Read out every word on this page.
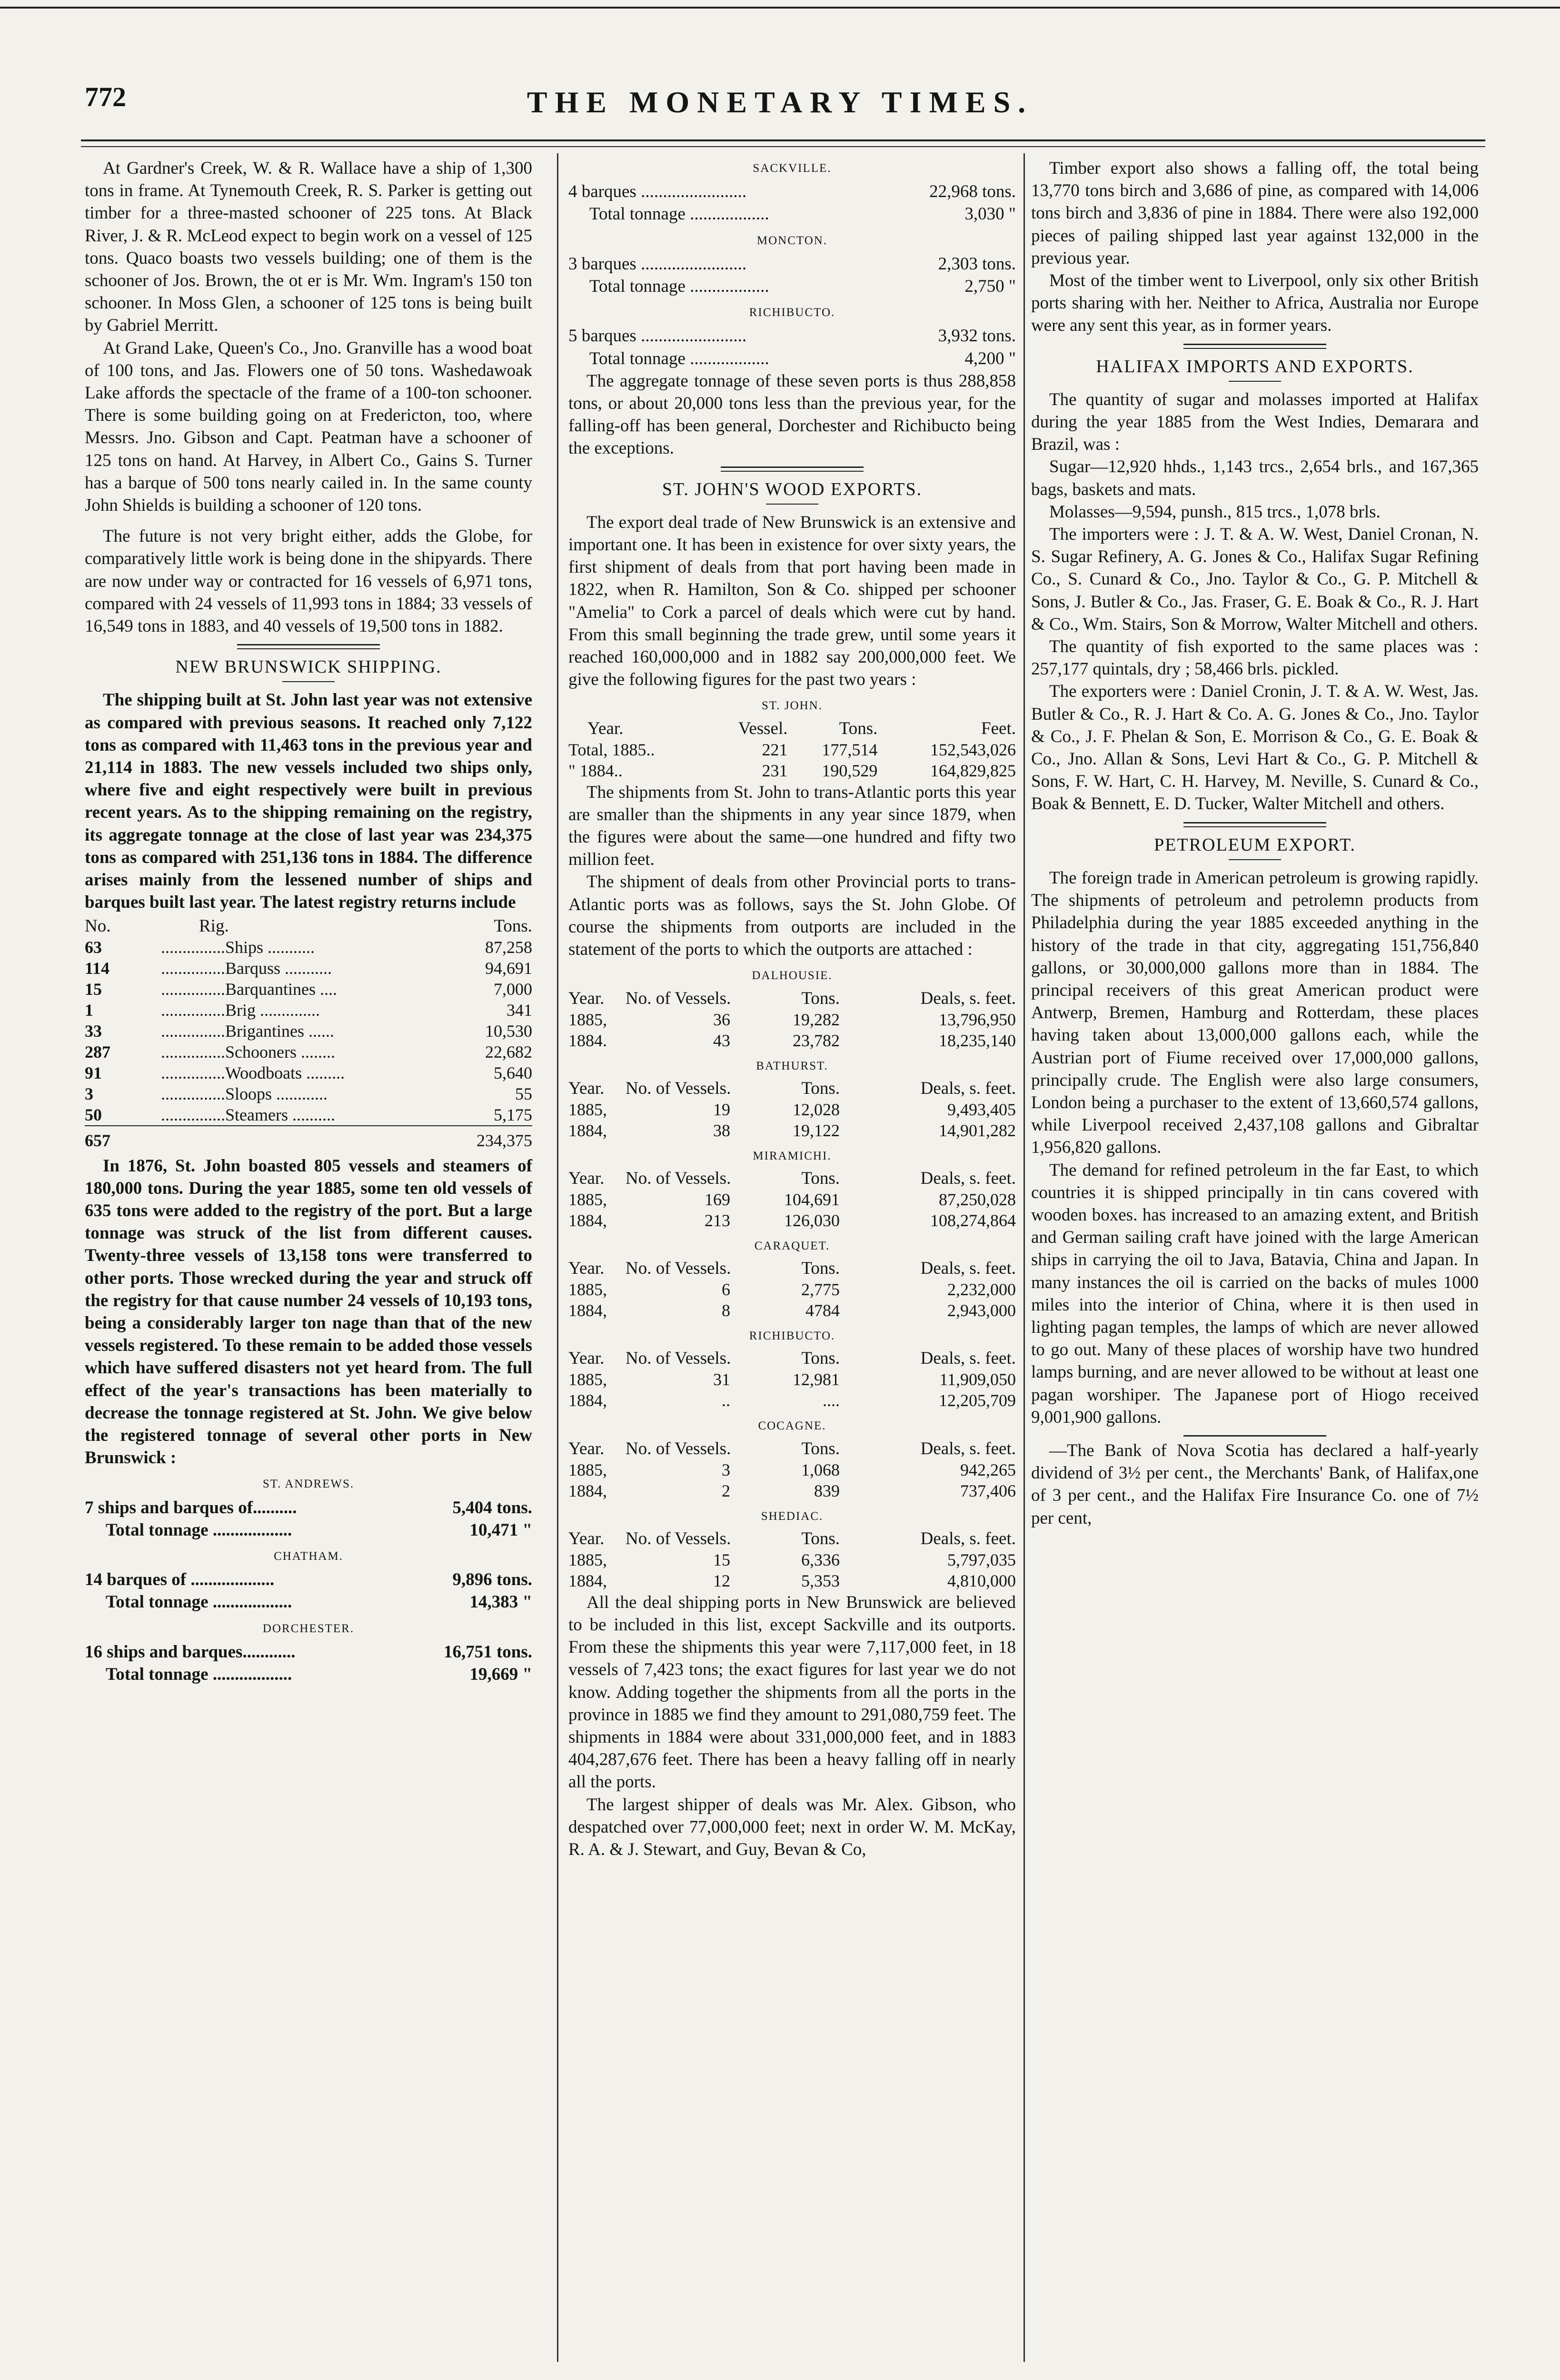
772	THE MONETARY TIMES.

At Gardner's Creek, W. & R. Wallace have a ship of 1,300 tons in frame. At Tynemouth Creek, R. S. Parker is getting out timber for a three-masted schooner of 225 tons. At Black River, J. & R. McLeod expect to begin work on a vessel of 125 tons. Quaco boasts two vessels building; one of them is the schooner of Jos. Brown, the ot er is Mr. Wm. Ingram's 150 ton schooner. In Moss Glen, a schooner of 125 tons is being built by Gabriel Merritt.

At Grand Lake, Queen's Co., Jno. Granville has a wood boat of 100 tons, and Jas. Flowers one of 50 tons. Washedawoak Lake affords the spectacle of the frame of a 100-ton schooner. There is some building going on at Fredericton, too, where Messrs. Jno. Gibson and Capt. Peatman have a schooner of 125 tons on hand. At Harvey, in Albert Co., Gains S. Turner has a barque of 500 tons nearly cailed in. In the same county John Shields is building a schooner of 120 tons.

The future is not very bright either, adds the Globe, for comparatively little work is being done in the shipyards. There are now under way or contracted for 16 vessels of 6,971 tons, compared with 24 vessels of 11,993 tons in 1884; 33 vessels of 16,549 tons in 1883, and 40 vessels of 19,500 tons in 1882.

NEW BRUNSWICK SHIPPING.

The shipping built at St. John last year was not extensive as compared with previous seasons. It reached only 7,122 tons as compared with 11,463 tons in the previous year and 21,114 in 1883. The new vessels included two ships only, where five and eight respectively were built in previous recent years. As to the shipping remaining on the registry, its aggregate tonnage at the close of last year was 234,375 tons as compared with 251,136 tons in 1884. The difference arises mainly from the lessened number of ships and barques built last year. The latest registry returns include

No.	Rig.	Tons.
63	...............Ships ...........	87,258
114	...............Barquss ...........	94,691
15	...............Barquantines ....	7,000
1	...............Brig ..............	341
33	...............Brigantines ......	10,530
287	...............Schooners ........	22,682
91	...............Woodboats .........	5,640
3	...............Sloops ............	55
50	...............Steamers ..........	5,175
657		234,375

In 1876, St. John boasted 805 vessels and steamers of 180,000 tons. During the year 1885, some ten old vessels of 635 tons were added to the registry of the port. But a large tonnage was struck of the list from different causes. Twenty-three vessels of 13,158 tons were transferred to other ports. Those wrecked during the year and struck off the registry for that cause number 24 vessels of 10,193 tons, being a considerably larger ton nage than that of the new vessels registered. To these remain to be added those vessels which have suffered disasters not yet heard from. The full effect of the year's transactions has been materially to decrease the tonnage registered at St. John. We give below the registered tonnage of several other ports in New Brunswick :

ST. ANDREWS.
7 ships and barques of..........	5,404 tons.
Total tonnage ..................	10,471 "
CHATHAM.
14 barques of ...................	9,896 tons.
Total tonnage ..................	14,383 "
DORCHESTER.
16 ships and barques............	16,751 tons.
Total tonnage ..................	19,669 "
SACKVILLE.
4 barques ........................	22,968 tons.
Total tonnage ..................	3,030 "
MONCTON.
3 barques ........................	2,303 tons.
Total tonnage ..................	2,750 "
RICHIBUCTO.
5 barques ........................	3,932 tons.
Total tonnage ..................	4,200 "

The aggregate tonnage of these seven ports is thus 288,858 tons, or about 20,000 tons less than the previous year, for the falling-off has been general, Dorchester and Richibucto being the exceptions.

ST. JOHN'S WOOD EXPORTS.

The export deal trade of New Brunswick is an extensive and important one. It has been in existence for over sixty years, the first shipment of deals from that port having been made in 1822, when R. Hamilton, Son & Co. shipped per schooner "Amelia" to Cork a parcel of deals which were cut by hand. From this small beginning the trade grew, until some years it reached 160,000,000 and in 1882 say 200,000,000 feet. We give the following figures for the past two years :

ST. JOHN.
Year.	Vessel.	Tons.	Feet.
Total, 1885..	221	177,514	152,543,026
" 1884..	231	190,529	164,829,825

The shipments from St. John to trans-Atlantic ports this year are smaller than the shipments in any year since 1879, when the figures were about the same—one hundred and fifty two million feet.

The shipment of deals from other Provincial ports to trans-Atlantic ports was as follows, says the St. John Globe. Of course the shipments from outports are included in the statement of the ports to which the outports are attached :

DALHOUSIE.
Year.	No. of Vessels.	Tons.	Deals, s. feet.
1885,	36	19,282	13,796,950
1884.	43	23,782	18,235,140
BATHURST.
Year.	No. of Vessels.	Tons.	Deals, s. feet.
1885,	19	12,028	9,493,405
1884,	38	19,122	14,901,282
MIRAMICHI.
Year.	No. of Vessels.	Tons.	Deals, s. feet.
1885,	169	104,691	87,250,028
1884,	213	126,030	108,274,864
CARAQUET.
Year.	No. of Vessels.	Tons.	Deals, s. feet.
1885,	6	2,775	2,232,000
1884,	8	4784	2,943,000
RICHIBUCTO.
Year.	No. of Vessels.	Tons.	Deals, s. feet.
1885,	31	12,981	11,909,050
1884,	..	....	12,205,709
COCAGNE.
Year.	No. of Vessels.	Tons.	Deals, s. feet.
1885,	3	1,068	942,265
1884,	2	839	737,406
SHEDIAC.
Year.	No. of Vessels.	Tons.	Deals, s. feet.
1885,	15	6,336	5,797,035
1884,	12	5,353	4,810,000

All the deal shipping ports in New Brunswick are believed to be included in this list, except Sackville and its outports. From these the shipments this year were 7,117,000 feet, in 18 vessels of 7,423 tons; the exact figures for last year we do not know. Adding together the shipments from all the ports in the province in 1885 we find they amount to 291,080,759 feet. The shipments in 1884 were about 331,000,000 feet, and in 1883 404,287,676 feet. There has been a heavy falling off in nearly all the ports.

The largest shipper of deals was Mr. Alex. Gibson, who despatched over 77,000,000 feet; next in order W. M. McKay, R. A. & J. Stewart, and Guy, Bevan & Co,

Timber export also shows a falling off, the total being 13,770 tons birch and 3,686 of pine, as compared with 14,006 tons birch and 3,836 of pine in 1884. There were also 192,000 pieces of pailing shipped last year against 132,000 in the previous year.

Most of the timber went to Liverpool, only six other British ports sharing with her. Neither to Africa, Australia nor Europe were any sent this year, as in former years.

HALIFAX IMPORTS AND EXPORTS.

The quantity of sugar and molasses imported at Halifax during the year 1885 from the West Indies, Demarara and Brazil, was :

Sugar—12,920 hhds., 1,143 trcs., 2,654 brls., and 167,365 bags, baskets and mats.

Molasses—9,594, punsh., 815 trcs., 1,078 brls.

The importers were : J. T. & A. W. West, Daniel Cronan, N. S. Sugar Refinery, A. G. Jones & Co., Halifax Sugar Refining Co., S. Cunard & Co., Jno. Taylor & Co., G. P. Mitchell & Sons, J. Butler & Co., Jas. Fraser, G. E. Boak & Co., R. J. Hart & Co., Wm. Stairs, Son & Morrow, Walter Mitchell and others.

The quantity of fish exported to the same places was : 257,177 quintals, dry ; 58,466 brls. pickled.

The exporters were : Daniel Cronin, J. T. & A. W. West, Jas. Butler & Co., R. J. Hart & Co. A. G. Jones & Co., Jno. Taylor & Co., J. F. Phelan & Son, E. Morrison & Co., G. E. Boak & Co., Jno. Allan & Sons, Levi Hart & Co., G. P. Mitchell & Sons, F. W. Hart, C. H. Harvey, M. Neville, S. Cunard & Co., Boak & Bennett, E. D. Tucker, Walter Mitchell and others.

PETROLEUM EXPORT.

The foreign trade in American petroleum is growing rapidly. The shipments of petroleum and petrolemn products from Philadelphia during the year 1885 exceeded anything in the history of the trade in that city, aggregating 151,756,840 gallons, or 30,000,000 gallons more than in 1884. The principal receivers of this great American product were Antwerp, Bremen, Hamburg and Rotterdam, these places having taken about 13,000,000 gallons each, while the Austrian port of Fiume received over 17,000,000 gallons, principally crude. The English were also large consumers, London being a purchaser to the extent of 13,660,574 gallons, while Liverpool received 2,437,108 gallons and Gibraltar 1,956,820 gallons.

The demand for refined petroleum in the far East, to which countries it is shipped principally in tin cans covered with wooden boxes. has increased to an amazing extent, and British and German sailing craft have joined with the large American ships in carrying the oil to Java, Batavia, China and Japan. In many instances the oil is carried on the backs of mules 1000 miles into the interior of China, where it is then used in lighting pagan temples, the lamps of which are never allowed to go out. Many of these places of worship have two hundred lamps burning, and are never allowed to be without at least one pagan worshiper. The Japanese port of Hiogo received 9,001,900 gallons.

—The Bank of Nova Scotia has declared a half-yearly dividend of 3½ per cent., the Merchants' Bank, of Halifax,one of 3 per cent., and the Halifax Fire Insurance Co. one of 7½ per cent,
